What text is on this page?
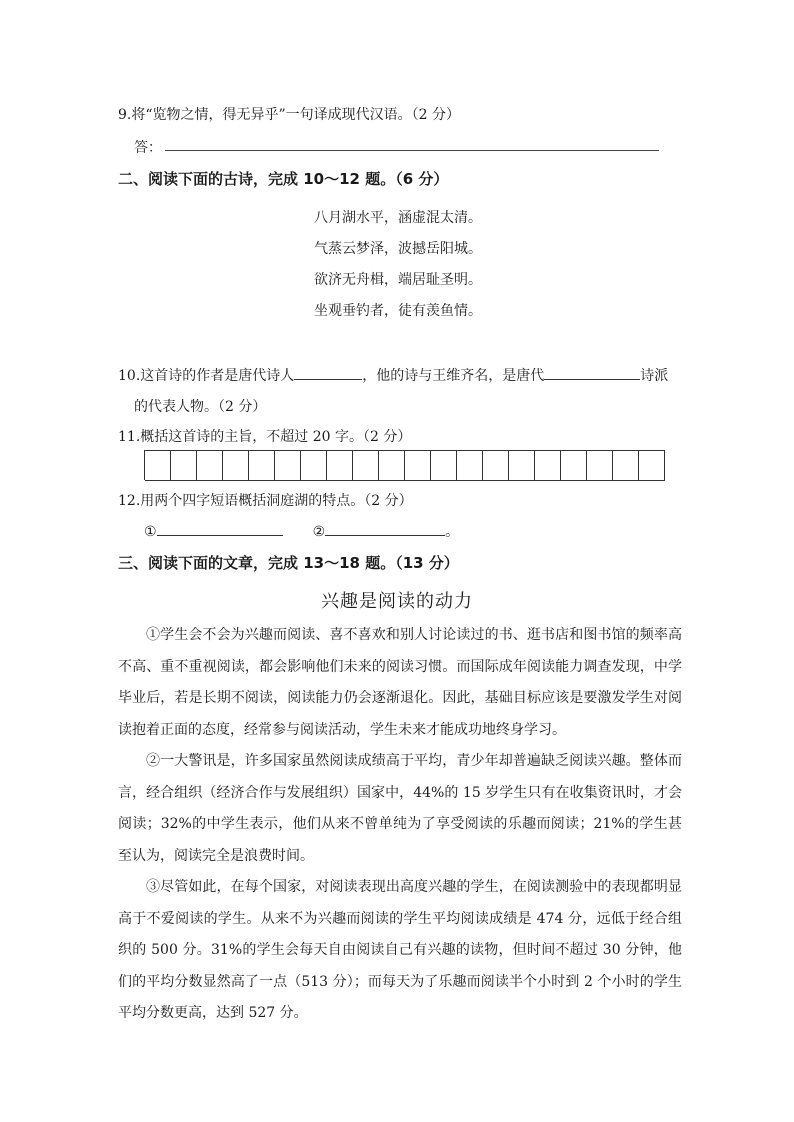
9.将“览物之情，得无异乎”一句译成现代汉语。（2 分）
答：
二、阅读下面的古诗，完成 10～12 题。（6 分）
八月湖水平，涵虚混太清。
气蒸云梦泽，波撼岳阳城。
欲济无舟楫，端居耻圣明。
坐观垂钓者，徒有羡鱼情。
10.这首诗的作者是唐代诗人	，他的诗与王维齐名，是唐代	诗派
的代表人物。（2 分）
11.概括这首诗的主旨，不超过 20 字。（2 分）
12.用两个四字短语概括洞庭湖的特点。（2 分）
①	②	。
三、阅读下面的文章，完成 13～18 题。（13 分）
兴趣是阅读的动力

①学生会不会为兴趣而阅读、喜不喜欢和别人讨论读过的书、逛书店和图书馆的频率高不高、重不重视阅读，都会影响他们未来的阅读习惯。而国际成年阅读能力调查发现，中学毕业后，若是长期不阅读，阅读能力仍会逐渐退化。因此，基础目标应该是要激发学生对阅读抱着正面的态度，经常参与阅读活动，学生未来才能成功地终身学习。

②一大警讯是，许多国家虽然阅读成绩高于平均，青少年却普遍缺乏阅读兴趣。整体而言，经合组织（经济合作与发展组织）国家中，44%的 15 岁学生只有在收集资讯时，才会阅读；32%的中学生表示，他们从来不曾单纯为了享受阅读的乐趣而阅读；21%的学生甚至认为，阅读完全是浪费时间。

③尽管如此，在每个国家，对阅读表现出高度兴趣的学生，在阅读测验中的表现都明显高于不爱阅读的学生。从来不为兴趣而阅读的学生平均阅读成绩是 474 分，远低于经合组织的 500 分。31%的学生会每天自由阅读自己有兴趣的读物，但时间不超过 30 分钟，他们的平均分数显然高了一点（513 分）；而每天为了乐趣而阅读半个小时到 2 个小时的学生平均分数更高，达到 527 分。
